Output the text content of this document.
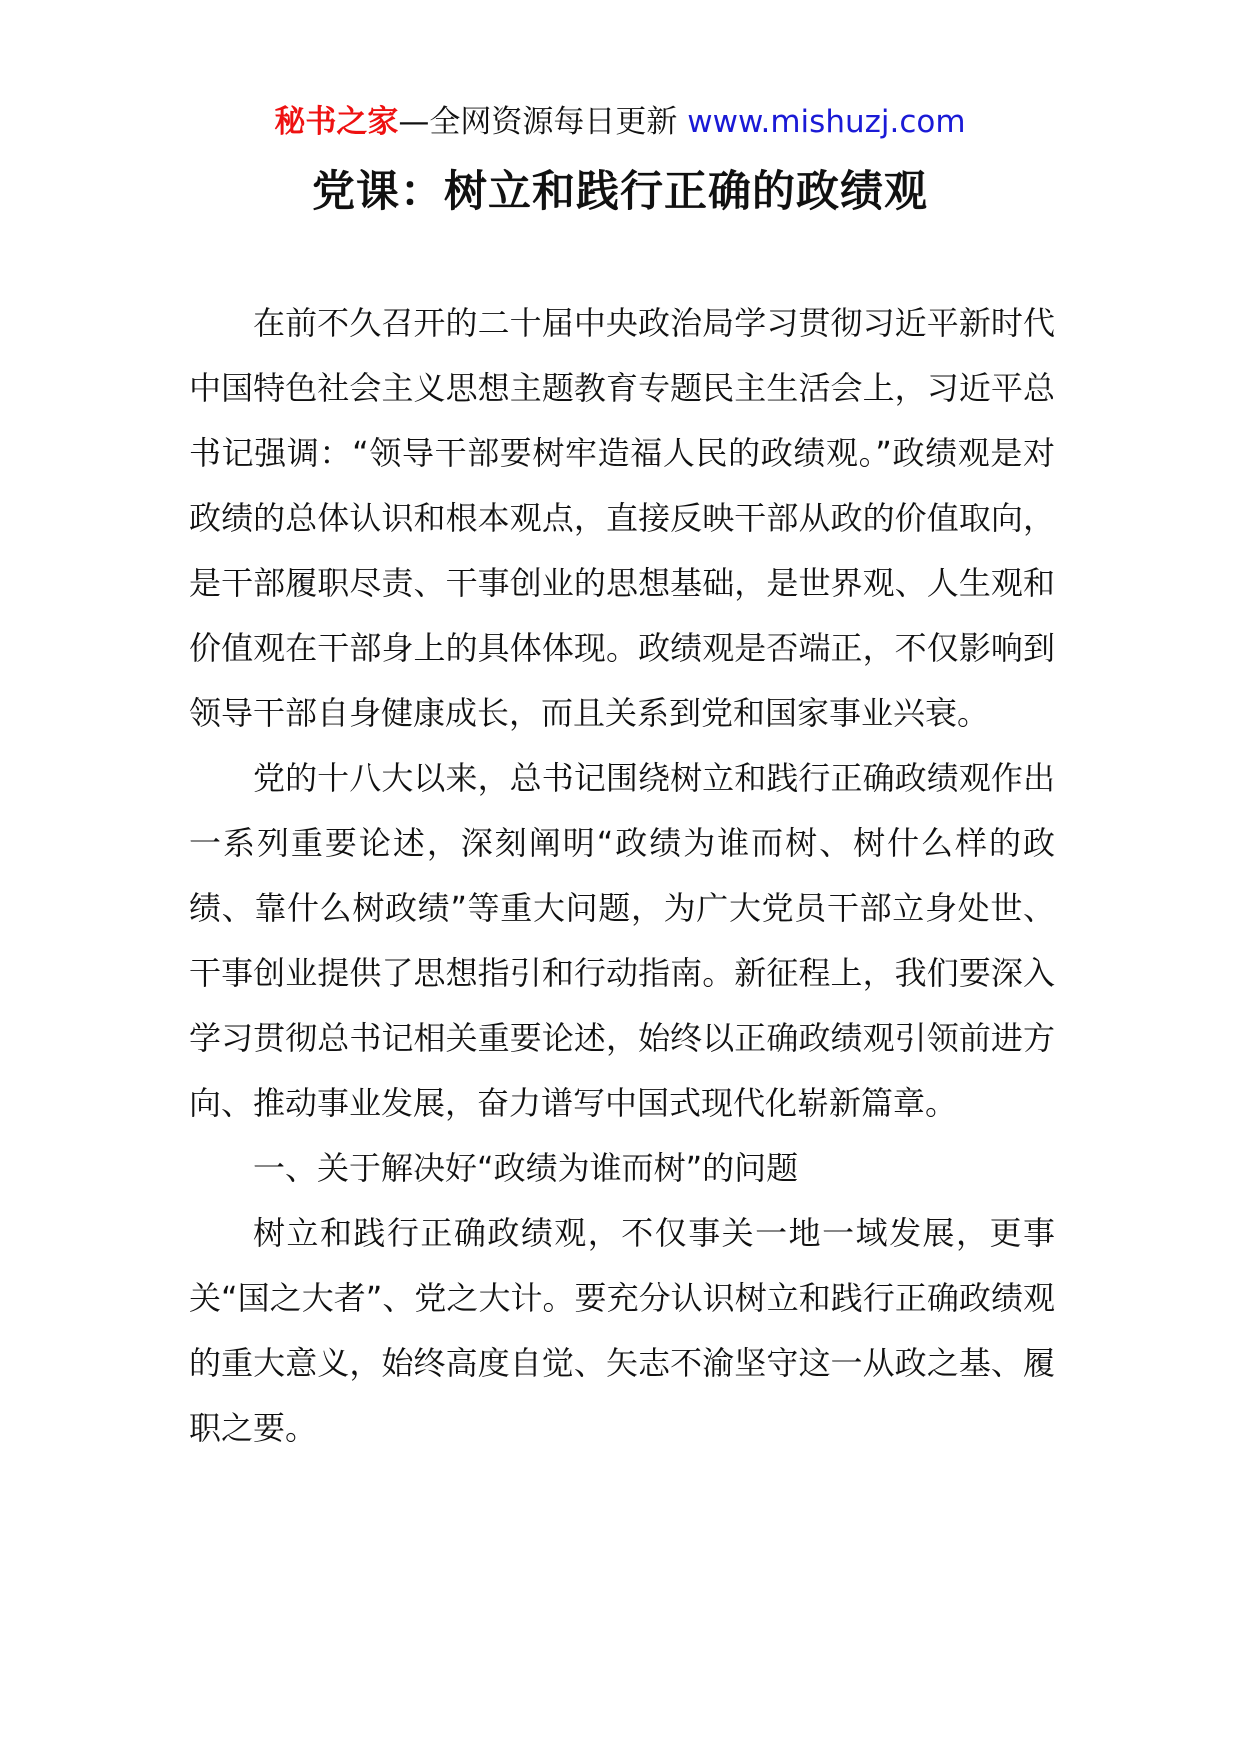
秘书之家—全网资源每日更新 www.mishuzj.com
党课：树立和践行正确的政绩观

在前不久召开的二十届中央政治局学习贯彻习近平新时代中国特色社会主义思想主题教育专题民主生活会上，习近平总书记强调：“领导干部要树牢造福人民的政绩观。”政绩观是对政绩的总体认识和根本观点，直接反映干部从政的价值取向，是干部履职尽责、干事创业的思想基础，是世界观、人生观和价值观在干部身上的具体体现。政绩观是否端正，不仅影响到领导干部自身健康成长，而且关系到党和国家事业兴衰。

党的十八大以来，总书记围绕树立和践行正确政绩观作出一系列重要论述，深刻阐明“政绩为谁而树、树什么样的政绩、靠什么树政绩”等重大问题，为广大党员干部立身处世、干事创业提供了思想指引和行动指南。新征程上，我们要深入学习贯彻总书记相关重要论述，始终以正确政绩观引领前进方向、推动事业发展，奋力谱写中国式现代化崭新篇章。

一、关于解决好“政绩为谁而树”的问题

树立和践行正确政绩观，不仅事关一地一域发展，更事关“国之大者”、党之大计。要充分认识树立和践行正确政绩观的重大意义，始终高度自觉、矢志不渝坚守这一从政之基、履职之要。
